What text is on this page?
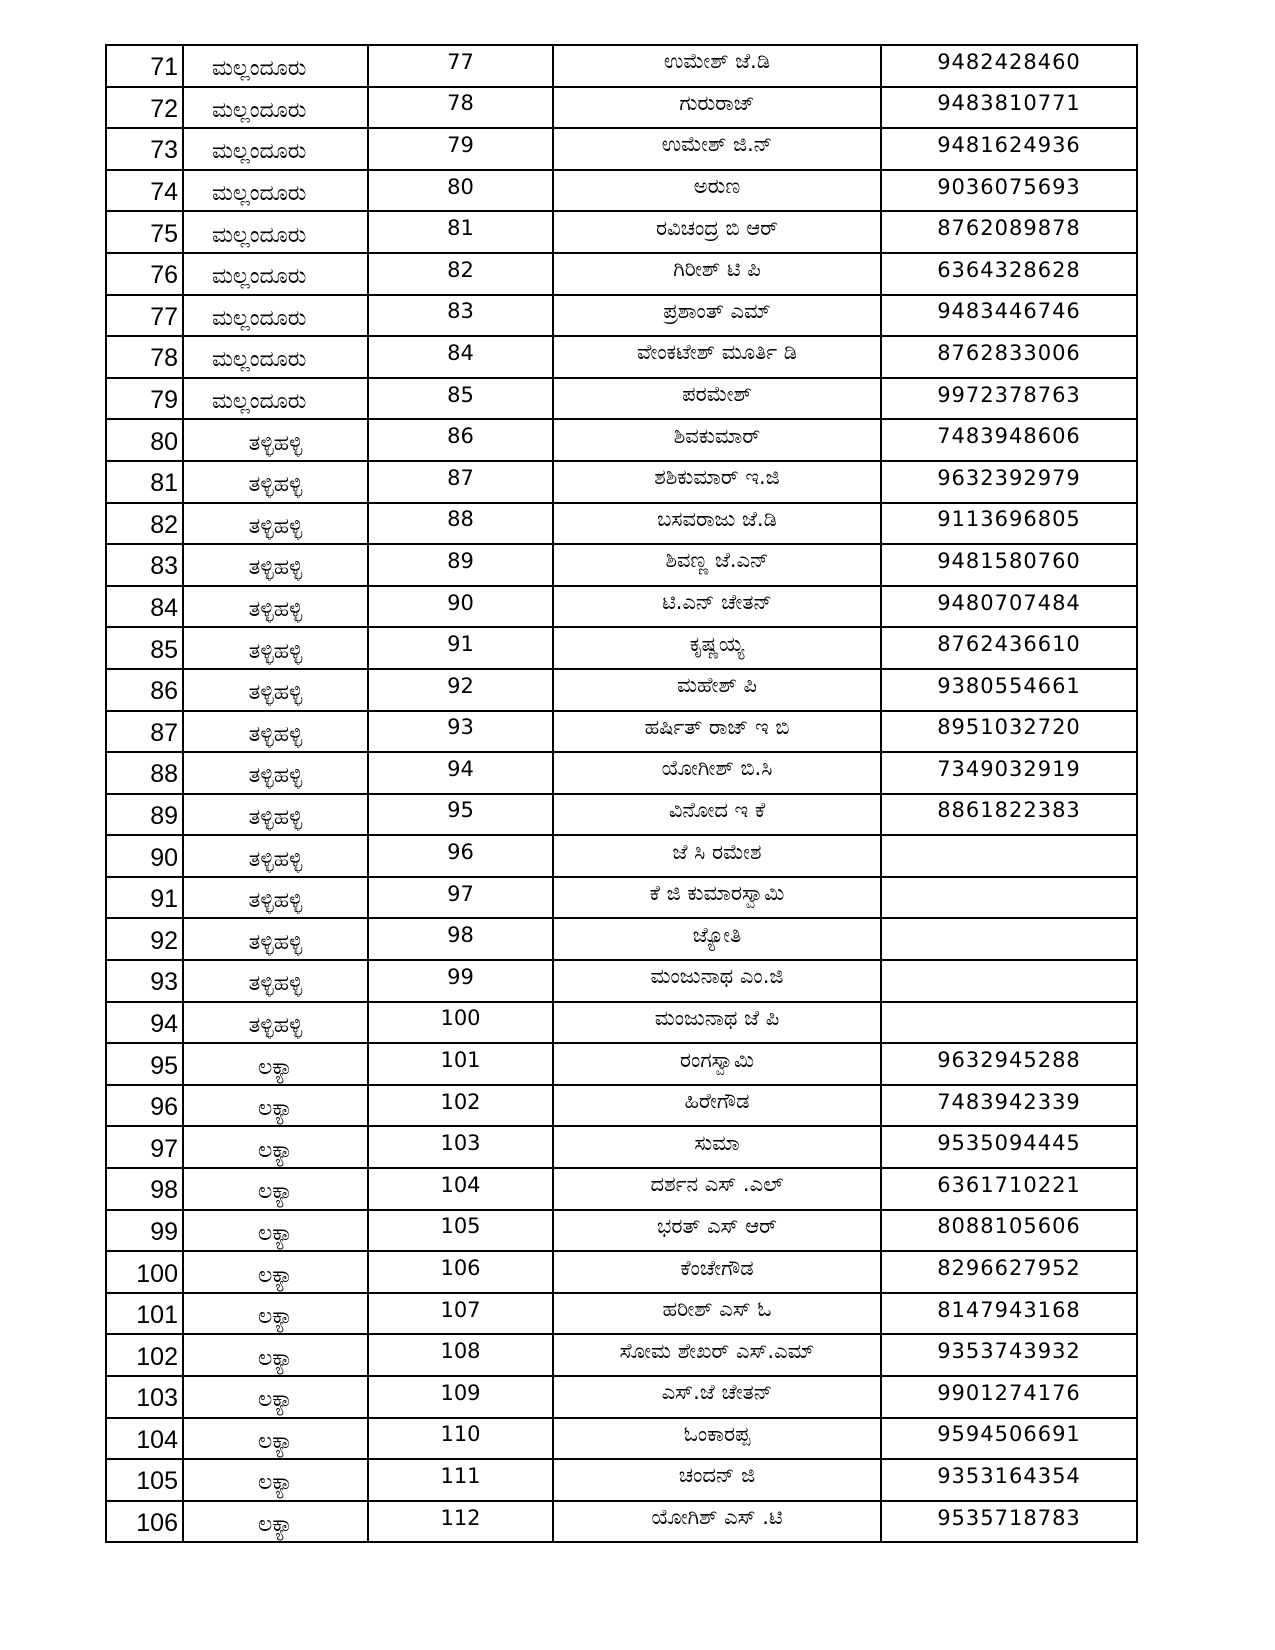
71	ಮಲ್ಲಂದೂರು	77	ಉಮೇಶ್ ಜೆ.ಡಿ	9482428460
72	ಮಲ್ಲಂದೂರು	78	ಗುರುರಾಜ್	9483810771
73	ಮಲ್ಲಂದೂರು	79	ಉಮೇಶ್ ಜಿ.ನ್	9481624936
74	ಮಲ್ಲಂದೂರು	80	ಅರುಣ	9036075693
75	ಮಲ್ಲಂದೂರು	81	ರವಿಚಂದ್ರ ಬಿ ಆರ್	8762089878
76	ಮಲ್ಲಂದೂರು	82	ಗಿರೀಶ್ ಟಿ ಪಿ	6364328628
77	ಮಲ್ಲಂದೂರು	83	ಪ್ರಶಾಂತ್ ಎಮ್	9483446746
78	ಮಲ್ಲಂದೂರು	84	ವೇಂಕಟೇಶ್ ಮೂರ್ತಿ ಡಿ	8762833006
79	ಮಲ್ಲಂದೂರು	85	ಪರಮೇಶ್	9972378763
80	ತಳ್ಳಿಹಳ್ಳಿ	86	ಶಿವಕುಮಾರ್	7483948606
81	ತಳ್ಳಿಹಳ್ಳಿ	87	ಶಶಿಕುಮಾರ್ ಇ.ಜಿ	9632392979
82	ತಳ್ಳಿಹಳ್ಳಿ	88	ಬಸವರಾಜು ಜೆ.ಡಿ	9113696805
83	ತಳ್ಳಿಹಳ್ಳಿ	89	ಶಿವಣ್ಣ ಜೆ.ಎನ್	9481580760
84	ತಳ್ಳಿಹಳ್ಳಿ	90	ಟಿ.ಎನ್ ಚೇತನ್	9480707484
85	ತಳ್ಳಿಹಳ್ಳಿ	91	ಕೃಷ್ಣಯ್ಯ	8762436610
86	ತಳ್ಳಿಹಳ್ಳಿ	92	ಮಹೇಶ್ ಪಿ	9380554661
87	ತಳ್ಳಿಹಳ್ಳಿ	93	ಹರ್ಷಿತ್ ರಾಜ್ ಇ ಬಿ	8951032720
88	ತಳ್ಳಿಹಳ್ಳಿ	94	ಯೋಗೀಶ್ ಬಿ.ಸಿ	7349032919
89	ತಳ್ಳಿಹಳ್ಳಿ	95	ವಿನೋದ ಇ ಕೆ	8861822383
90	ತಳ್ಳಿಹಳ್ಳಿ	96	ಜೆ ಸಿ ರಮೇಶ	
91	ತಳ್ಳಿಹಳ್ಳಿ	97	ಕೆ ಜಿ ಕುಮಾರಸ್ವಾಮಿ	
92	ತಳ್ಳಿಹಳ್ಳಿ	98	ಜ್ಯೋತಿ	
93	ತಳ್ಳಿಹಳ್ಳಿ	99	ಮಂಜುನಾಥ ಎಂ.ಜಿ	
94	ತಳ್ಳಿಹಳ್ಳಿ	100	ಮಂಜುನಾಥ ಜೆ ಪಿ	
95	ಲಕ್ಯಾ	101	ರಂಗಸ್ವಾಮಿ	9632945288
96	ಲಕ್ಯಾ	102	ಹಿರೇಗೌಡ	7483942339
97	ಲಕ್ಯಾ	103	ಸುಮಾ	9535094445
98	ಲಕ್ಯಾ	104	ದರ್ಶನ ಎಸ್ .ಎಲ್	6361710221
99	ಲಕ್ಯಾ	105	ಭರತ್ ಎಸ್ ಆರ್	8088105606
100	ಲಕ್ಯಾ	106	ಕೆಂಚೇಗೌಡ	8296627952
101	ಲಕ್ಯಾ	107	ಹರೀಶ್ ಎಸ್ ಓ	8147943168
102	ಲಕ್ಯಾ	108	ಸೋಮ ಶೇಖರ್ ಎಸ್.ಎಮ್	9353743932
103	ಲಕ್ಯಾ	109	ಎಸ್.ಜೆ ಚೇತನ್	9901274176
104	ಲಕ್ಯಾ	110	ಓಂಕಾರಪ್ಪ	9594506691
105	ಲಕ್ಯಾ	111	ಚಂದನ್ ಜಿ	9353164354
106	ಲಕ್ಯಾ	112	ಯೋಗಿಶ್ ಎಸ್ .ಟಿ	9535718783
